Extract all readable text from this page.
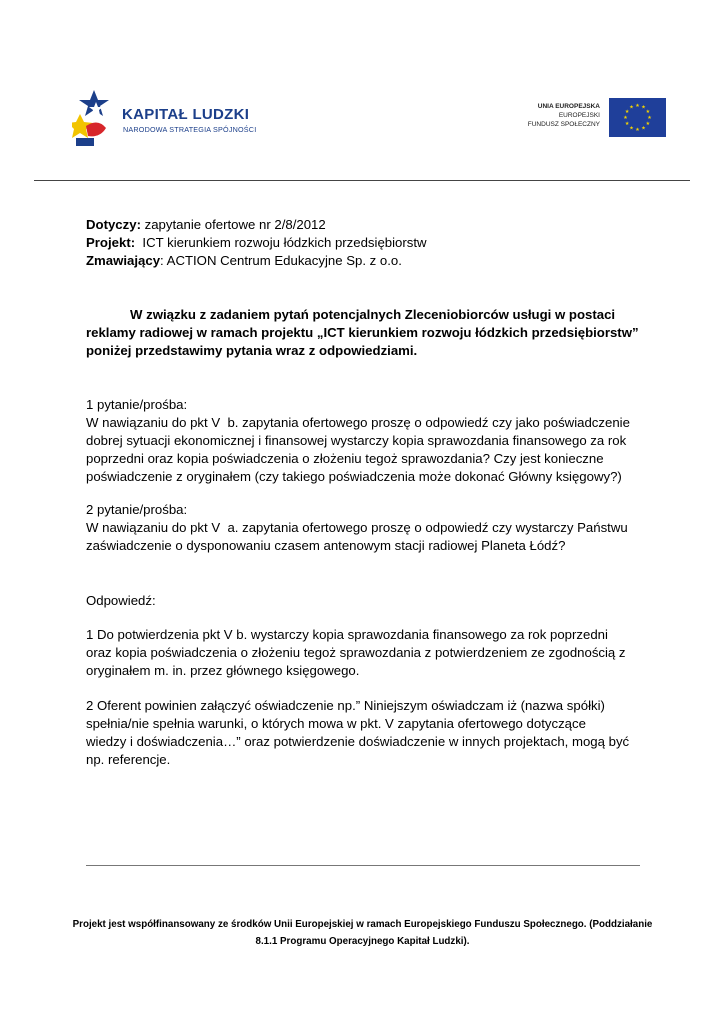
KAPITAŁ LUDZKI
NARODOWA STRATEGIA SPÓJNOŚCI
UNIA EUROPEJSKA
EUROPEJSKI
FUNDUSZ SPOŁECZNY
★ ★
★
★
★
★
★
★
★
★
★
★

Dotyczy: zapytanie ofertowe nr 2/8/2012

Projekt:  ICT kierunkiem rozwoju łódzkich przedsiębiorstw

Zmawiający: ACTION Centrum Edukacyjne Sp. z o.o.

W związku z zadaniem pytań potencjalnych Zleceniobiorców usługi w postaci

reklamy radiowej w ramach projektu „ICT kierunkiem rozwoju łódzkich przedsiębiorstw”

poniżej przedstawimy pytania wraz z odpowiedziami.

1 pytanie/prośba:

W nawiązaniu do pkt V  b. zapytania ofertowego proszę o odpowiedź czy jako poświadczenie

dobrej sytuacji ekonomicznej i finansowej wystarczy kopia sprawozdania finansowego za rok

poprzedni oraz kopia poświadczenia o złożeniu tegoż sprawozdania? Czy jest konieczne

poświadczenie z oryginałem (czy takiego poświadczenia może dokonać Główny księgowy?)

2 pytanie/prośba:

W nawiązaniu do pkt V  a. zapytania ofertowego proszę o odpowiedź czy wystarczy Państwu

zaświadczenie o dysponowaniu czasem antenowym stacji radiowej Planeta Łódź?

Odpowiedź:

1 Do potwierdzenia pkt V b. wystarczy kopia sprawozdania finansowego za rok poprzedni

oraz kopia poświadczenia o złożeniu tegoż sprawozdania z potwierdzeniem ze zgodnością z

oryginałem m. in. przez głównego księgowego.

2 Oferent powinien załączyć oświadczenie np.” Niniejszym oświadczam iż (nazwa spółki)

spełnia/nie spełnia warunki, o których mowa w pkt. V zapytania ofertowego dotyczące

wiedzy i doświadczenia…” oraz potwierdzenie doświadczenie w innych projektach, mogą być

np. referencje.

Projekt jest współfinansowany ze środków Unii Europejskiej w ramach Europejskiego Funduszu Społecznego. (Poddziałanie

8.1.1 Programu Operacyjnego Kapitał Ludzki).
